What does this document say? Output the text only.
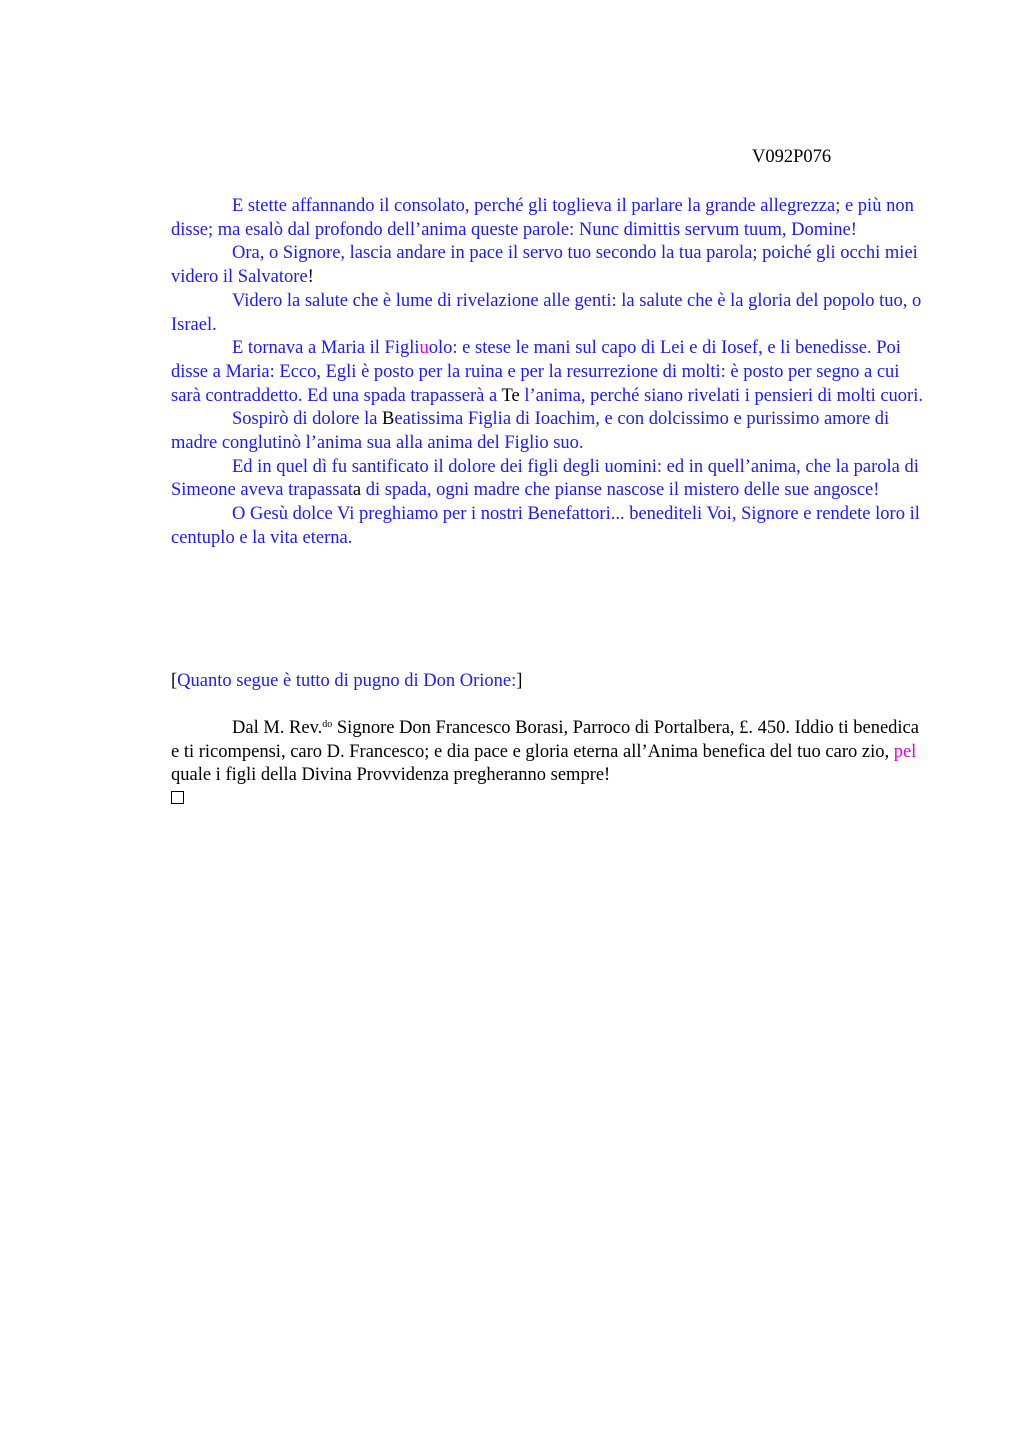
V092P076

E stette affannando il consolato, perché gli toglieva il parlare la grande allegrezza; e più non disse; ma esalò dal profondo dell’anima queste parole: Nunc dimittis servum tuum, Domine!

Ora, o Signore, lascia andare in pace il servo tuo secondo la tua parola; poiché gli occhi miei videro il Salvatore!

Videro la salute che è lume di rivelazione alle genti: la salute che è la gloria del popolo tuo, o Israel.

E tornava a Maria il Figliuolo: e stese le mani sul capo di Lei e di Iosef, e li benedisse. Poi disse a Maria: Ecco, Egli è posto per la ruina e per la resurrezione di molti: è posto per segno a cui sarà contraddetto. Ed una spada trapasserà a Te l’anima, perché siano rivelati i pensieri di molti cuori.

Sospirò di dolore la Beatissima Figlia di Ioachim, e con dolcissimo e purissimo amore di madre conglutinò l’anima sua alla anima del Figlio suo.

Ed in quel dì fu santificato il dolore dei figli degli uomini: ed in quell’anima, che la parola di Simeone aveva trapassata di spada, ogni madre che pianse nascose il mistero delle sue angosce!

O Gesù dolce Vi preghiamo per i nostri Benefattori... benediteli Voi, Signore e rendete loro il centuplo e la vita eterna.

[Quanto segue è tutto di pugno di Don Orione:]

Dal M. Rev.$^{do}$ Signore Don Francesco Borasi, Parroco di Portalbera, £. 450. Iddio ti benedica e ti ricompensi, caro D. Francesco; e dia pace e gloria eterna all’Anima benefica del tuo caro zio, pel quale i figli della Divina Provvidenza pregheranno sempre!
